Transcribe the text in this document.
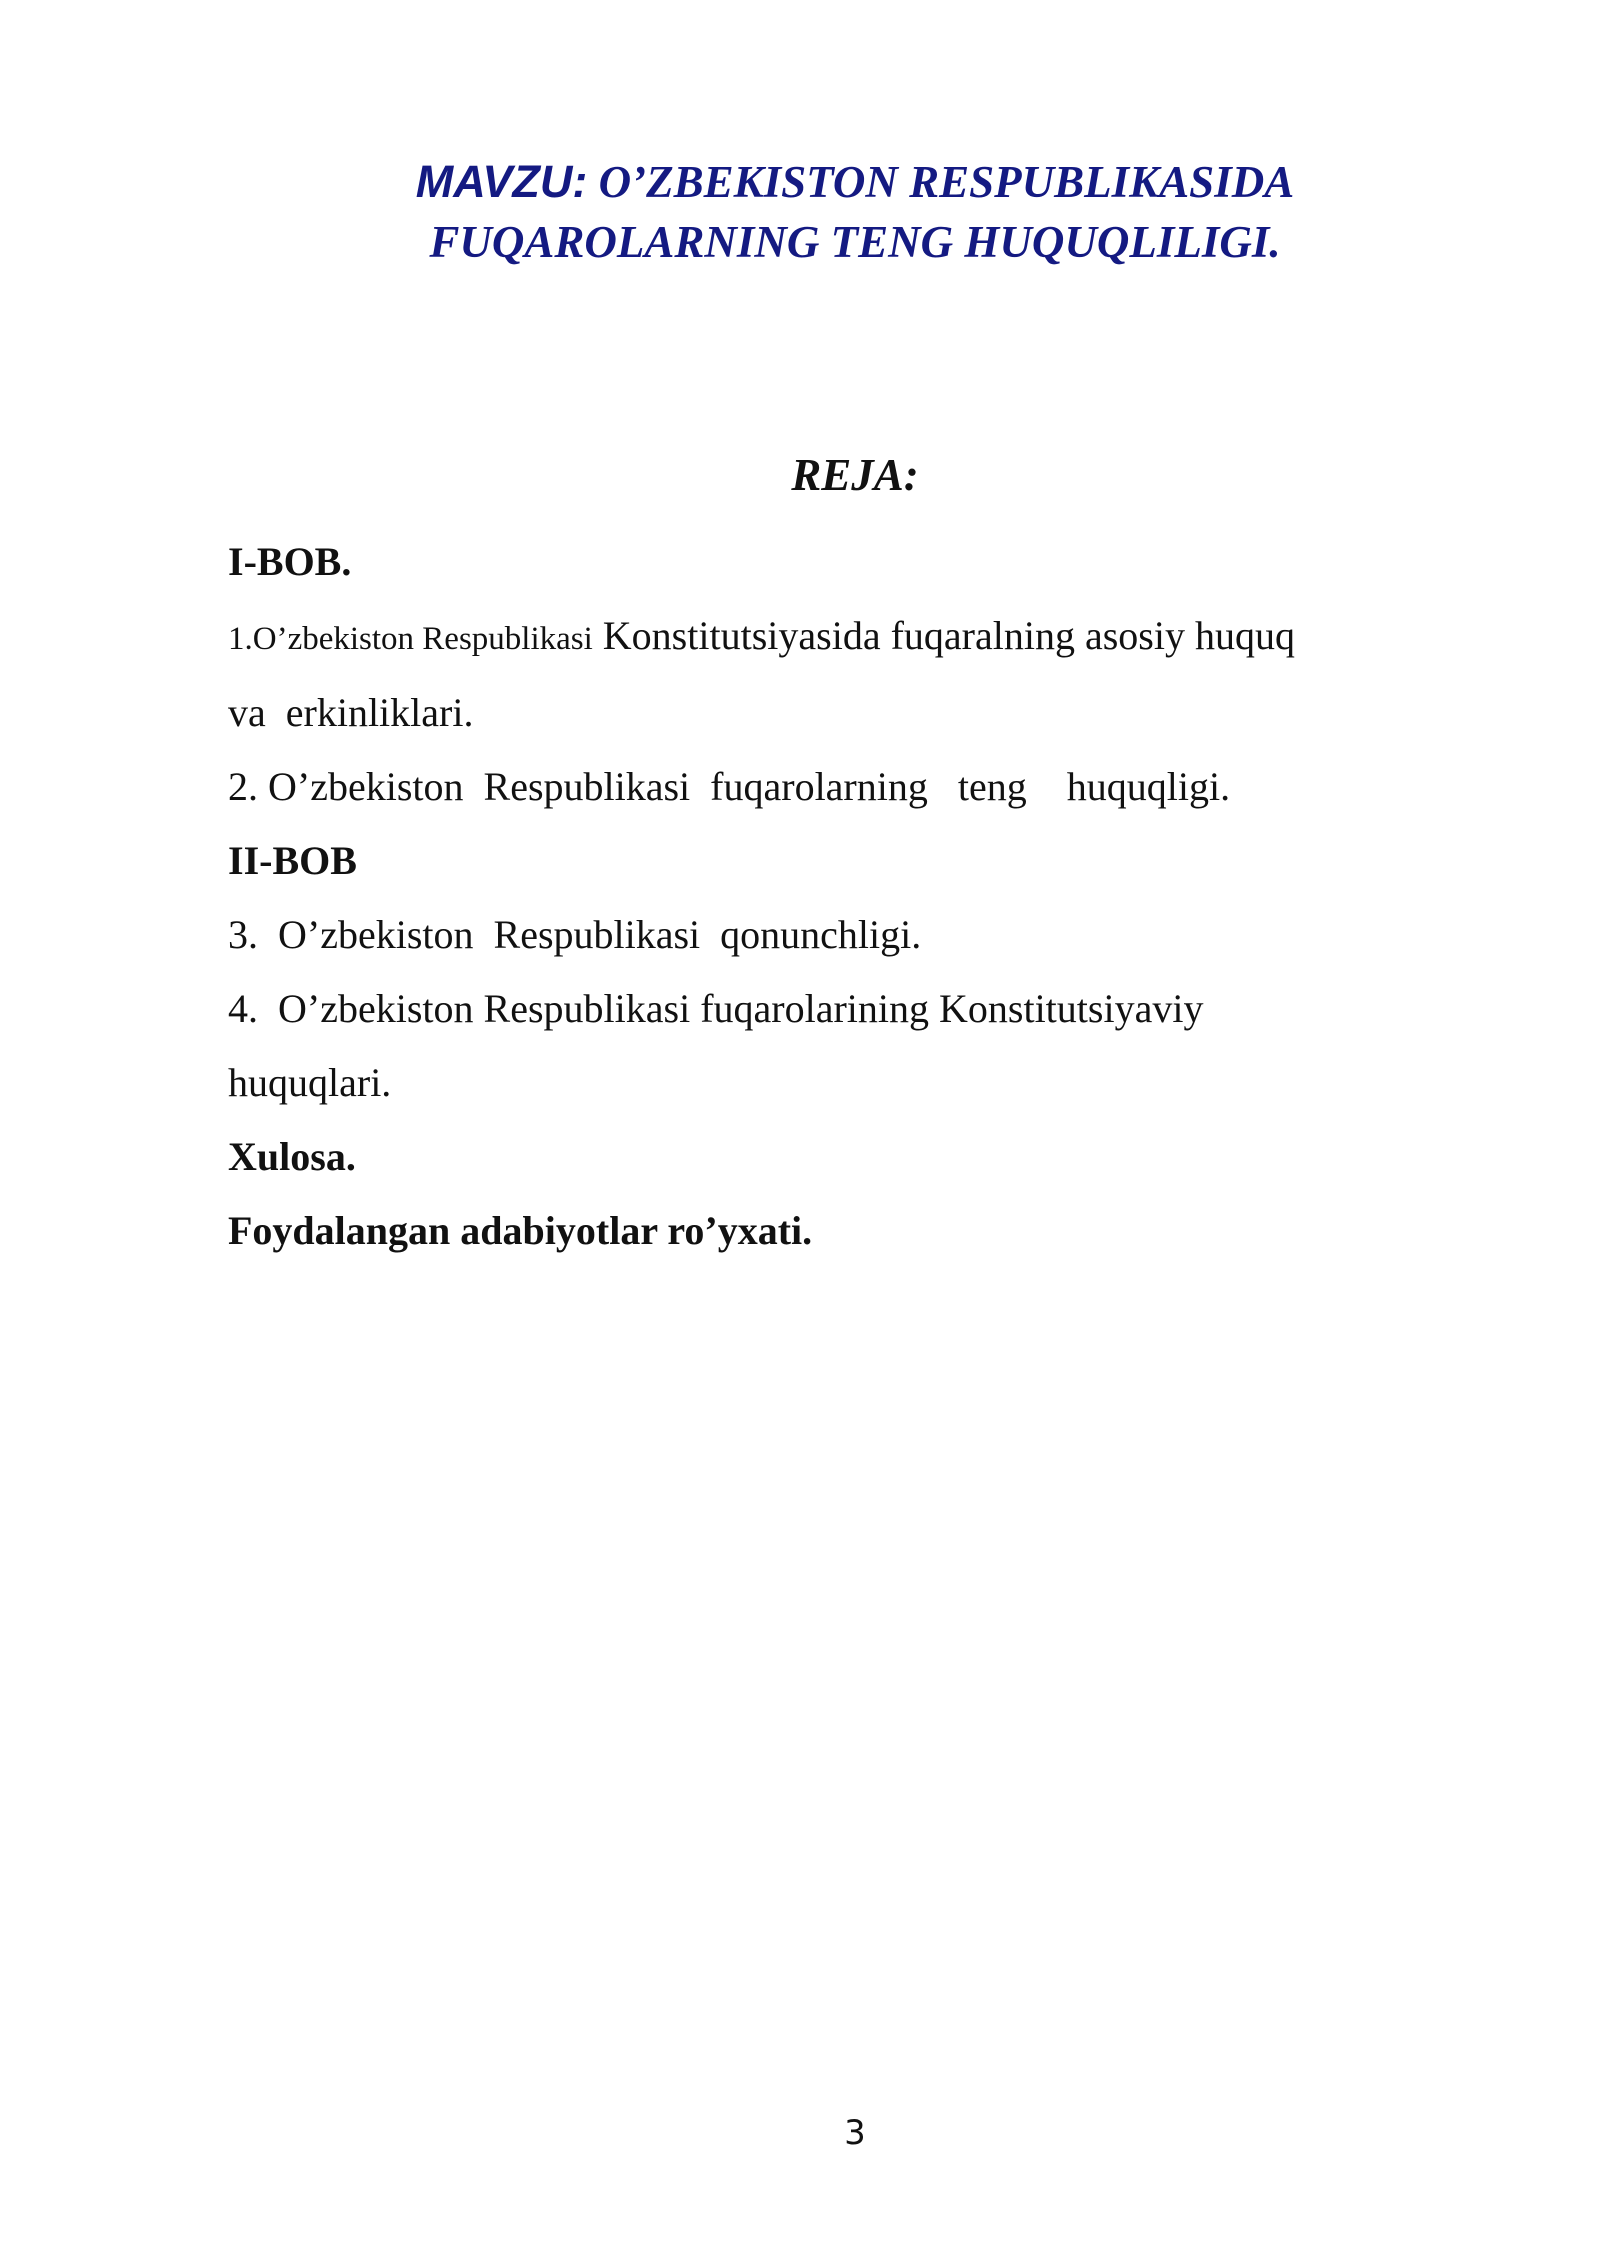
MAVZU: O’ZBEKISTON RESPUBLIKASIDA
FUQAROLARNING TENG HUQUQLILIGI.
REJA:
I-BOB.
1.O’zbekiston Respublikasi Konstitutsiyasida fuqaralning asosiy huquq
va  erkinliklari.
2. O’zbekiston  Respublikasi  fuqarolarning   teng    huquqligi.
II-BOB
3.  O’zbekiston  Respublikasi  qonunchligi.
4. O’zbekiston Respublikasi fuqarolarining Konstitutsiyaviy
huquqlari.
Xulosa.
Foydalangan adabiyotlar ro’yxati.
3
